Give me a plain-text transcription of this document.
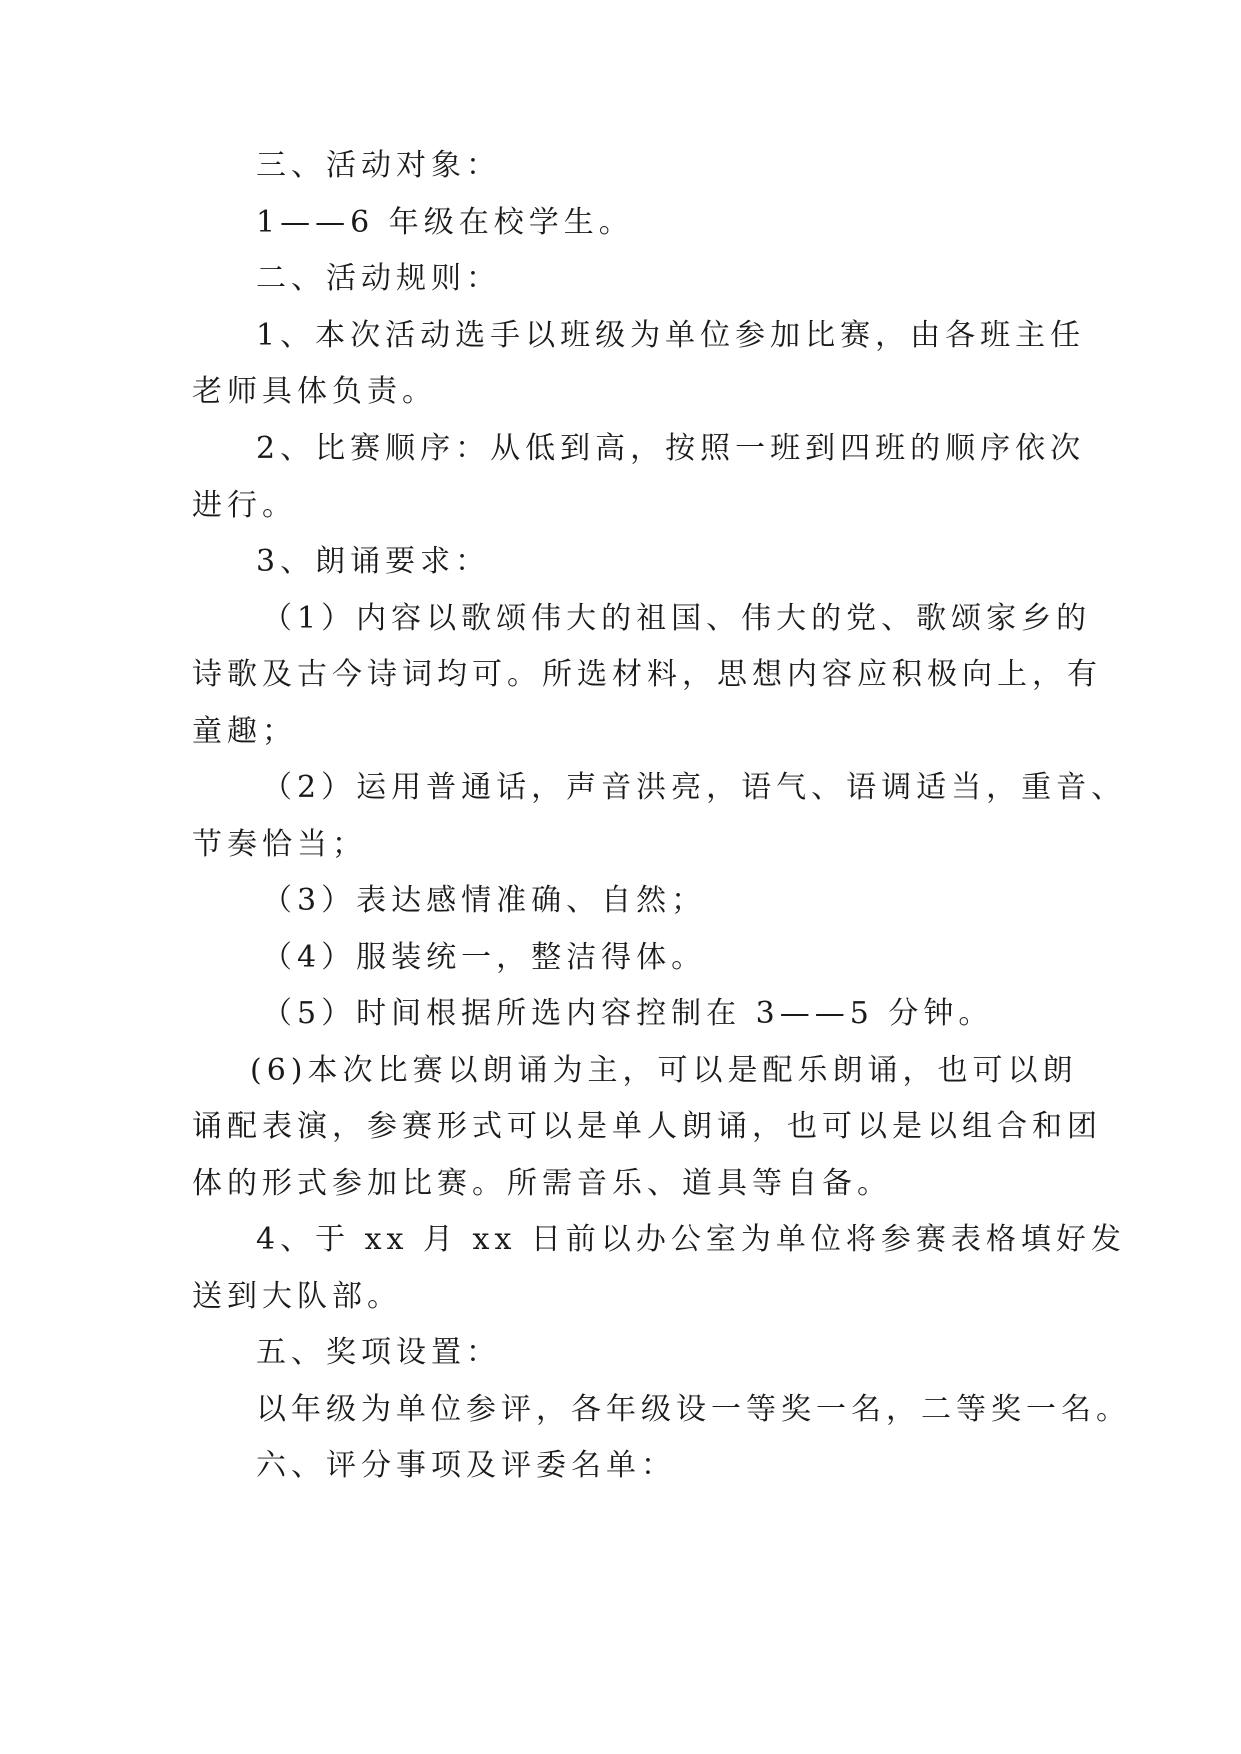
三、活动对象：
1——6 年级在校学生。
二、活动规则：
1、本次活动选手以班级为单位参加比赛，由各班主任
老师具体负责。
2、比赛顺序：从低到高，按照一班到四班的顺序依次
进行。
3、朗诵要求：
（1）内容以歌颂伟大的祖国、伟大的党、歌颂家乡的
诗歌及古今诗词均可。所选材料，思想内容应积极向上，有
童趣；
（2）运用普通话，声音洪亮，语气、语调适当，重音、
节奏恰当；
（3）表达感情准确、自然；
（4）服装统一，整洁得体。
（5）时间根据所选内容控制在 3——5 分钟。
(6)本次比赛以朗诵为主，可以是配乐朗诵，也可以朗
诵配表演，参赛形式可以是单人朗诵，也可以是以组合和团
体的形式参加比赛。所需音乐、道具等自备。
4、于 xx 月 xx 日前以办公室为单位将参赛表格填好发
送到大队部。
五、奖项设置：
以年级为单位参评，各年级设一等奖一名，二等奖一名。
六、评分事项及评委名单：
